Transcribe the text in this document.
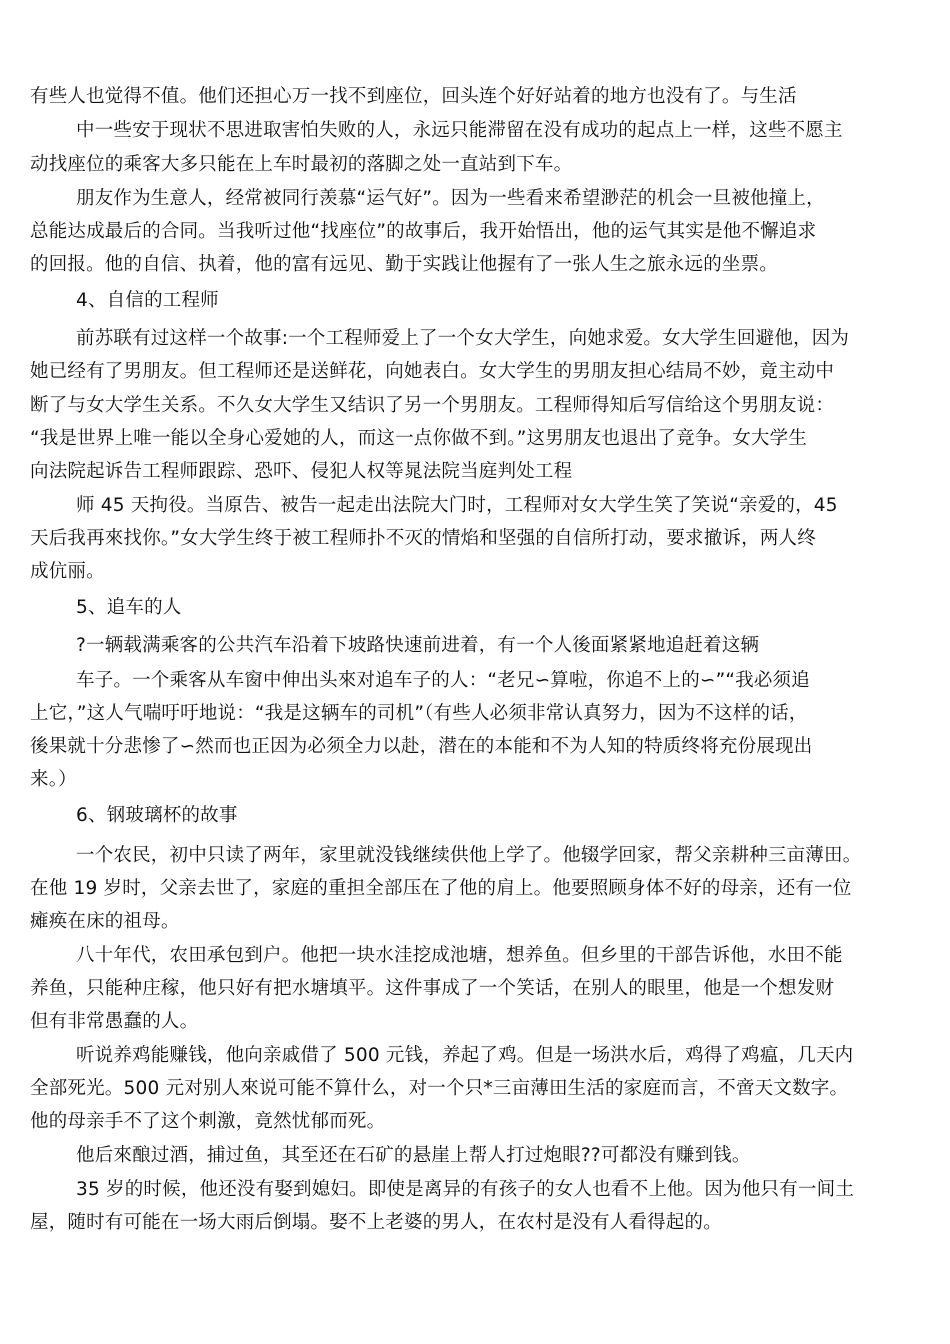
有些人也觉得不值。他们还担心万一找不到座位，回头连个好好站着的地方也没有了。与生活
中一些安于现状不思进取害怕失败的人，永远只能滞留在没有成功的起点上一样，这些不愿主
动找座位的乘客大多只能在上车时最初的落脚之处一直站到下车。
朋友作为生意人，经常被同行羡慕“运气好”。因为一些看来希望渺茫的机会一旦被他撞上，
总能达成最后的合同。当我听过他“找座位”的故事后，我开始悟出，他的运气其实是他不懈追求
的回报。他的自信、执着，他的富有远见、勤于实践让他握有了一张人生之旅永远的坐票。
4、自信的工程师
前苏联有过这样一个故事:一个工程师爱上了一个女大学生，向她求爱。女大学生回避他，因为
她已经有了男朋友。但工程师还是送鲜花，向她表白。女大学生的男朋友担心结局不妙，竟主动中
断了与女大学生关系。不久女大学生又结识了另一个男朋友。工程师得知后写信给这个男朋友说：
“我是世界上唯一能以全身心爱她的人，而这一点你做不到。”这男朋友也退出了竞争。女大学生
向法院起诉告工程师跟踪、恐吓、侵犯人权等晁法院当庭判处工程
师 45 天拘役。当原告、被告一起走出法院大门时，工程师对女大学生笑了笑说“亲爱的，45
天后我再來找你。”女大学生终于被工程师扑不灭的情焰和坚强的自信所打动，要求撤诉，两人终
成伉丽。
5、追车的人
?一辆载满乘客的公共汽车沿着下坡路快速前进着，有一个人後面紧紧地追赶着这辆
车子。一个乘客从车窗中伸出头來对追车子的人：“老兄∽算啦，你追不上的∽”“我必须追
上它，”这人气喘吁吁地说：“我是这辆车的司机”（有些人必须非常认真努力，因为不这样的话，
後果就十分悲惨了∽然而也正因为必须全力以赴，潜在的本能和不为人知的特质终将充份展现出
来。）
6、钢玻璃杯的故事
一个农民，初中只读了两年，家里就没钱继续供他上学了。他辍学回家，帮父亲耕种三亩薄田。
在他 19 岁时，父亲去世了，家庭的重担全部压在了他的肩上。他要照顾身体不好的母亲，还有一位
瘫痪在床的祖母。
八十年代，农田承包到户。他把一块水洼挖成池塘，想养鱼。但乡里的干部告诉他，水田不能
养鱼，只能种庄稼，他只好有把水塘填平。这件事成了一个笑话，在别人的眼里，他是一个想发财
但有非常愚蠢的人。
听说养鸡能赚钱，他向亲戚借了 500 元钱，养起了鸡。但是一场洪水后，鸡得了鸡瘟，几天内
全部死光。500 元对别人來说可能不算什么，对一个只*三亩薄田生活的家庭而言，不啻天文数字。
他的母亲手不了这个刺激，竟然忧郁而死。
他后來酿过酒，捕过鱼，其至还在石矿的悬崖上帮人打过炮眼??可都没有赚到钱。
35 岁的时候，他还没有娶到媳妇。即使是离异的有孩子的女人也看不上他。因为他只有一间土
屋，随时有可能在一场大雨后倒塌。娶不上老婆的男人，在农村是没有人看得起的。
